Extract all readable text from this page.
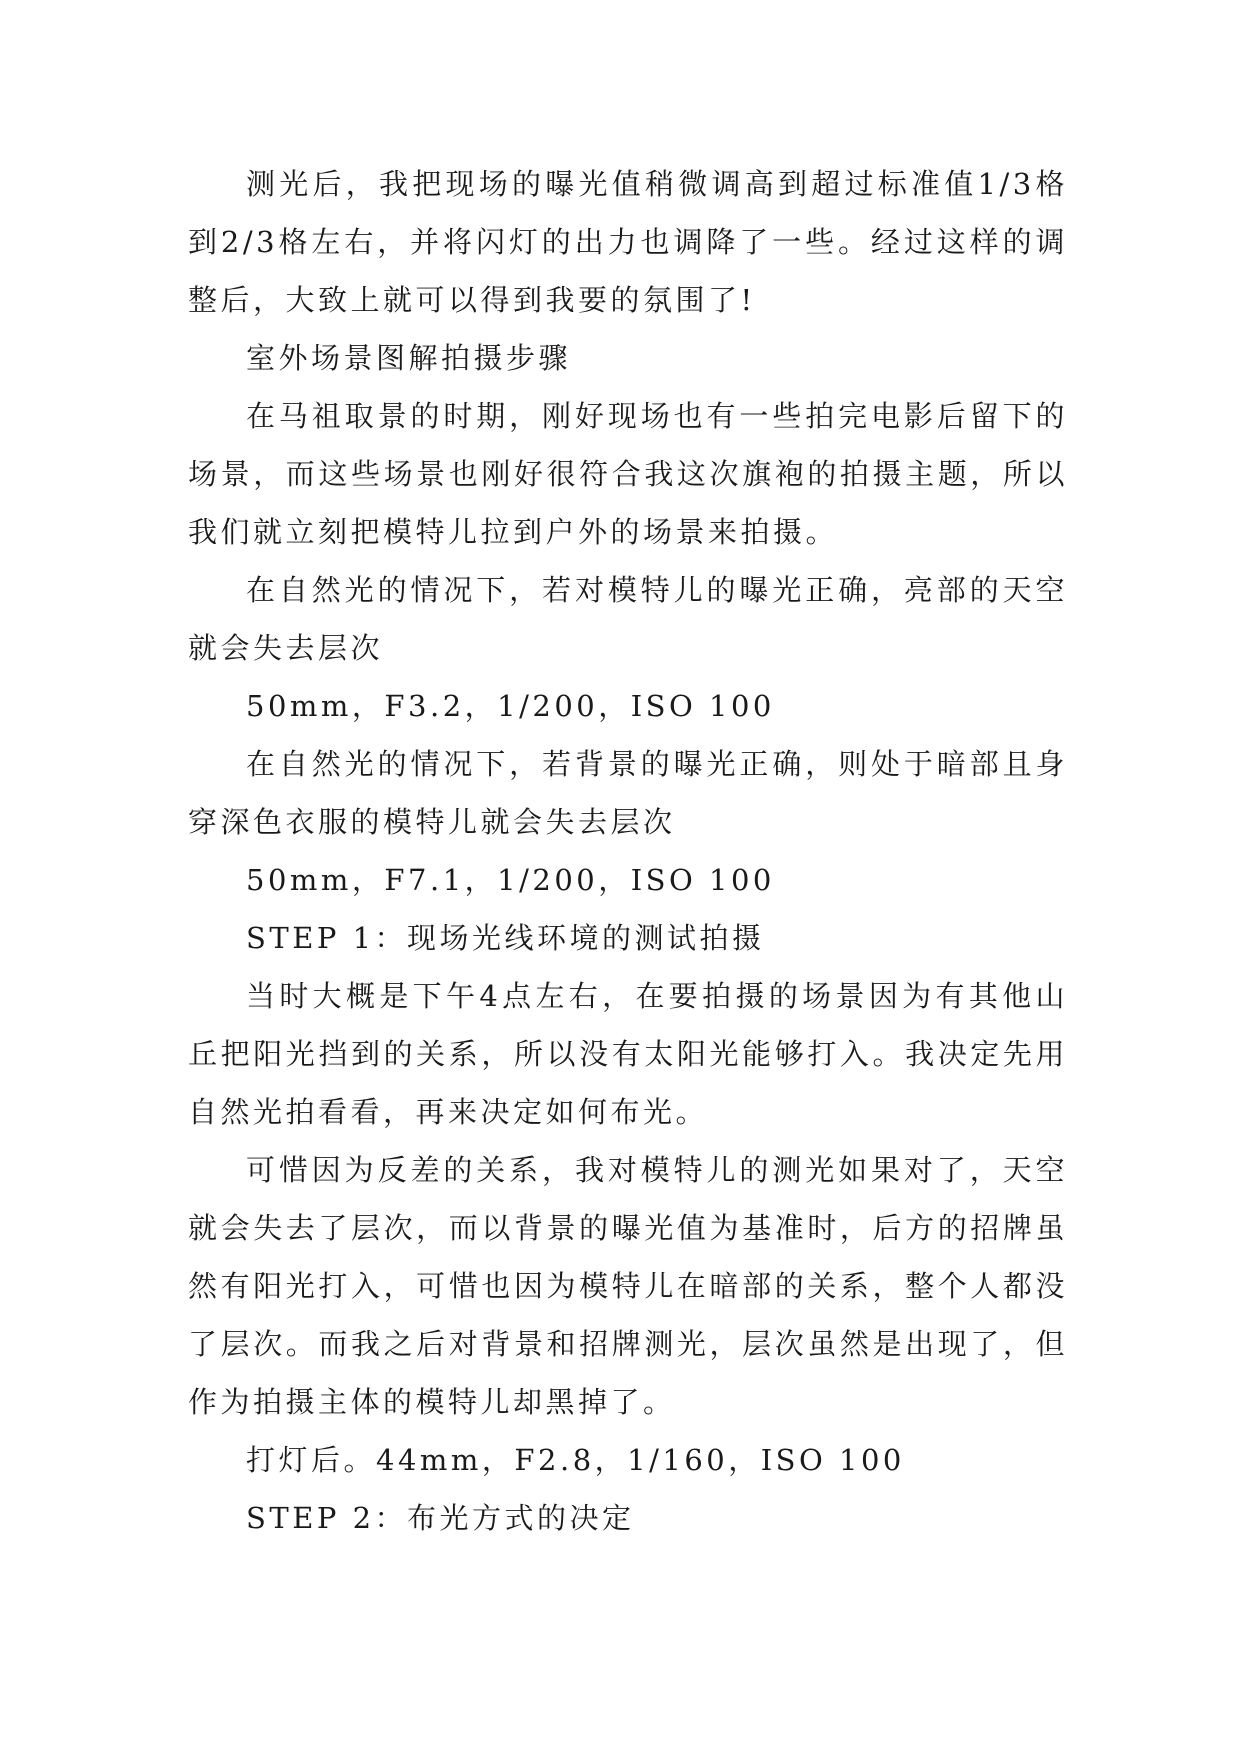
测光后，我把现场的曝光值稍微调高到超过标准值1/3格到2/3格左右，并将闪灯的出力也调降了一些。经过这样的调整后，大致上就可以得到我要的氛围了!

室外场景图解拍摄步骤

在马祖取景的时期，刚好现场也有一些拍完电影后留下的场景，而这些场景也刚好很符合我这次旗袍的拍摄主题，所以我们就立刻把模特儿拉到户外的场景来拍摄。

在自然光的情况下，若对模特儿的曝光正确，亮部的天空就会失去层次

50mm，F3.2，1/200，ISO 100

在自然光的情况下，若背景的曝光正确，则处于暗部且身穿深色衣服的模特儿就会失去层次

50mm，F7.1，1/200，ISO 100

STEP 1：现场光线环境的测试拍摄

当时大概是下午4点左右，在要拍摄的场景因为有其他山丘把阳光挡到的关系，所以没有太阳光能够打入。我决定先用自然光拍看看，再来决定如何布光。

可惜因为反差的关系，我对模特儿的测光如果对了，天空就会失去了层次，而以背景的曝光值为基准时，后方的招牌虽然有阳光打入，可惜也因为模特儿在暗部的关系，整个人都没了层次。而我之后对背景和招牌测光，层次虽然是出现了，但作为拍摄主体的模特儿却黑掉了。

打灯后。44mm，F2.8，1/160，ISO 100

STEP 2：布光方式的决定
